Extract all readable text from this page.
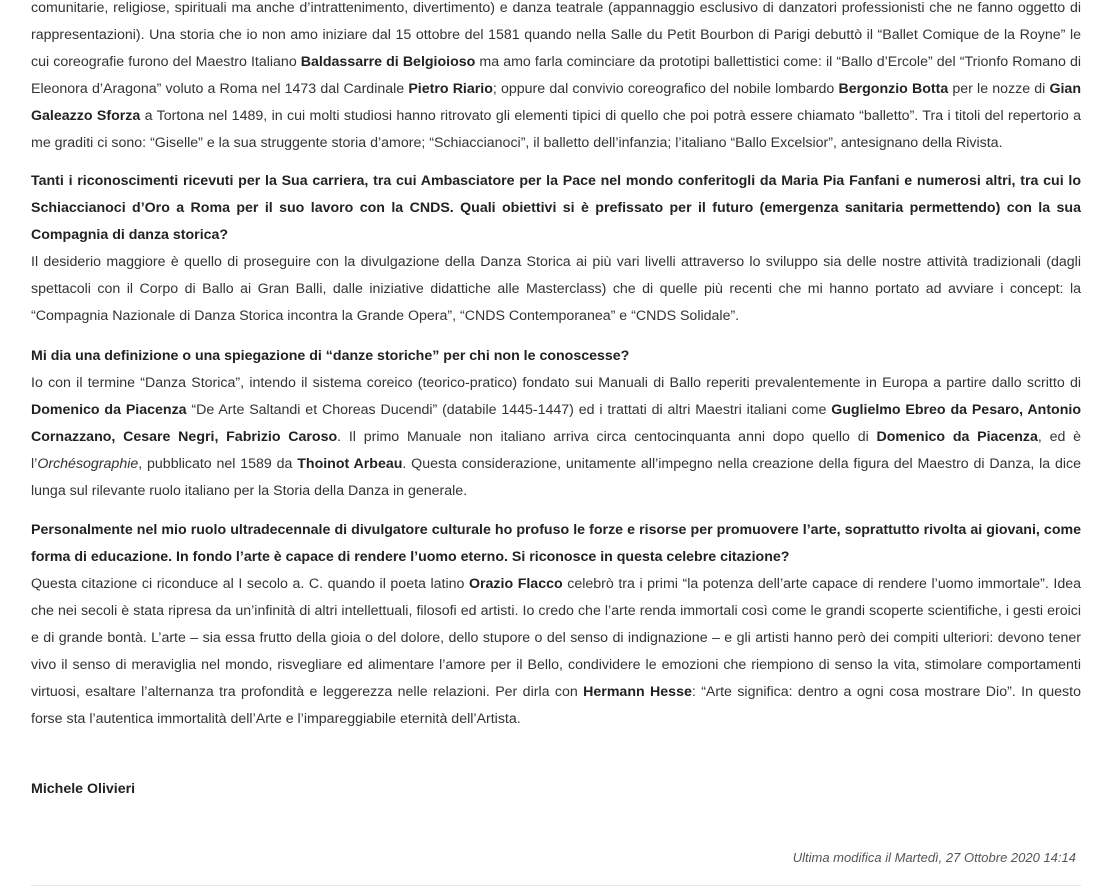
comunitarie, religiose, spirituali ma anche d’intrattenimento, divertimento) e danza teatrale (appannaggio esclusivo di danzatori professionisti che ne fanno oggetto di rappresentazioni). Una storia che io non amo iniziare dal 15 ottobre del 1581 quando nella Salle du Petit Bourbon di Parigi debuttò il “Ballet Comique de la Royne” le cui coreografie furono del Maestro Italiano Baldassarre di Belgioioso ma amo farla cominciare da prototipi ballettistici come: il “Ballo d’Ercole” del “Trionfo Romano di Eleonora d’Aragona” voluto a Roma nel 1473 dal Cardinale Pietro Riario; oppure dal convivio coreografico del nobile lombardo Bergonzio Botta per le nozze di Gian Galeazzo Sforza a Tortona nel 1489, in cui molti studiosi hanno ritrovato gli elementi tipici di quello che poi potrà essere chiamato “balletto”. Tra i titoli del repertorio a me graditi ci sono: “Giselle” e la sua struggente storia d’amore; “Schiaccianoci”, il balletto dell’infanzia; l’italiano “Ballo Excelsior”, antesignano della Rivista.

Tanti i riconoscimenti ricevuti per la Sua carriera, tra cui Ambasciatore per la Pace nel mondo conferitogli da Maria Pia Fanfani e numerosi altri, tra cui lo Schiaccianoci d’Oro a Roma per il suo lavoro con la CNDS. Quali obiettivi si è prefissato per il futuro (emergenza sanitaria permettendo) con la sua Compagnia di danza storica?

Il desiderio maggiore è quello di proseguire con la divulgazione della Danza Storica ai più vari livelli attraverso lo sviluppo sia delle nostre attività tradizionali (dagli spettacoli con il Corpo di Ballo ai Gran Balli, dalle iniziative didattiche alle Masterclass) che di quelle più recenti che mi hanno portato ad avviare i concept: la “Compagnia Nazionale di Danza Storica incontra la Grande Opera”, “CNDS Contemporanea” e “CNDS Solidale”.

Mi dia una definizione o una spiegazione di “danze storiche” per chi non le conoscesse?

Io con il termine “Danza Storica”, intendo il sistema coreico (teorico-pratico) fondato sui Manuali di Ballo reperiti prevalentemente in Europa a partire dallo scritto di Domenico da Piacenza “De Arte Saltandi et Choreas Ducendi” (databile 1445-1447) ed i trattati di altri Maestri italiani come Guglielmo Ebreo da Pesaro, Antonio Cornazzano, Cesare Negri, Fabrizio Caroso. Il primo Manuale non italiano arriva circa centocinquanta anni dopo quello di Domenico da Piacenza, ed è l’Orchésographie, pubblicato nel 1589 da Thoinot Arbeau. Questa considerazione, unitamente all’impegno nella creazione della figura del Maestro di Danza, la dice lunga sul rilevante ruolo italiano per la Storia della Danza in generale.

Personalmente nel mio ruolo ultradecennale di divulgatore culturale ho profuso le forze e risorse per promuovere l’arte, soprattutto rivolta ai giovani, come forma di educazione. In fondo l’arte è capace di rendere l’uomo eterno. Si riconosce in questa celebre citazione?

Questa citazione ci riconduce al I secolo a. C. quando il poeta latino Orazio Flacco celebrò tra i primi “la potenza dell’arte capace di rendere l’uomo immortale”. Idea che nei secoli è stata ripresa da un’infinità di altri intellettuali, filosofi ed artisti. Io credo che l’arte renda immortali così come le grandi scoperte scientifiche, i gesti eroici e di grande bontà. L’arte – sia essa frutto della gioia o del dolore, dello stupore o del senso di indignazione – e gli artisti hanno però dei compiti ulteriori: devono tener vivo il senso di meraviglia nel mondo, risvegliare ed alimentare l’amore per il Bello, condividere le emozioni che riempiono di senso la vita, stimolare comportamenti virtuosi, esaltare l’alternanza tra profondità e leggerezza nelle relazioni. Per dirla con Hermann Hesse: “Arte significa: dentro a ogni cosa mostrare Dio”. In questo forse sta l’autentica immortalità dell’Arte e l’impareggiabile eternità dell’Artista.

Michele Olivieri

Ultima modifica il Martedì, 27 Ottobre 2020 14:14
